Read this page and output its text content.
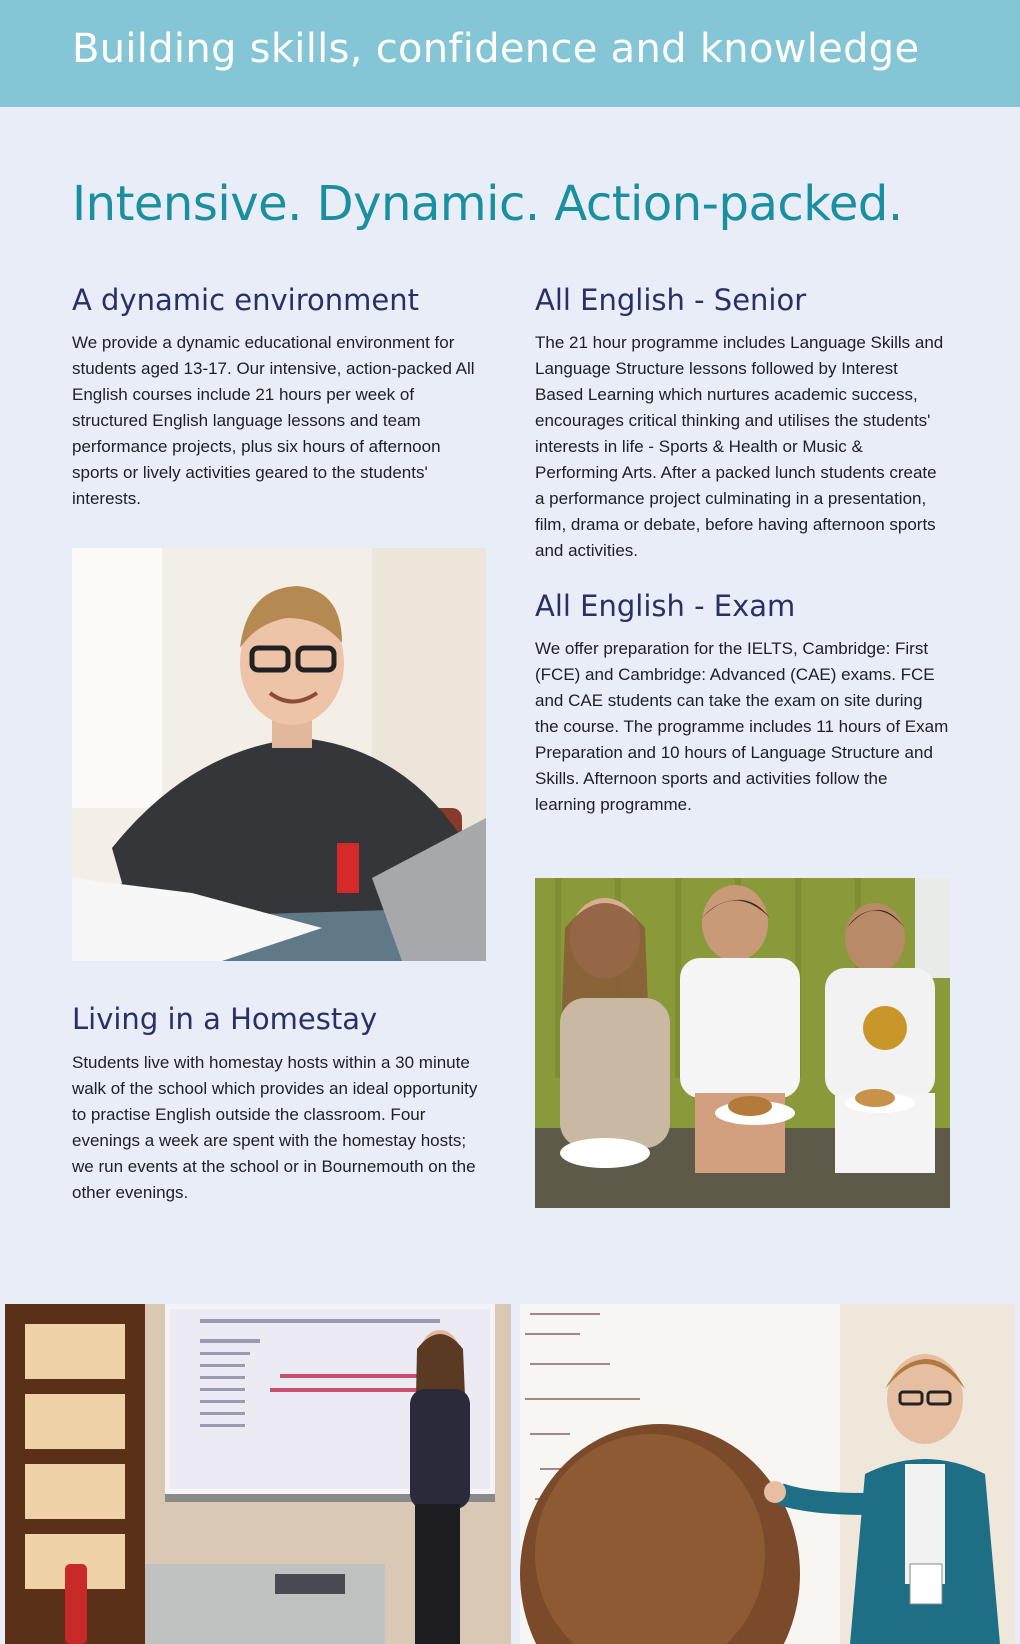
Building skills, confidence and knowledge
Intensive. Dynamic. Action-packed.
A dynamic environment

We provide a dynamic educational environment for students aged 13-17. Our intensive, action-packed All English courses include 21 hours per week of structured English language lessons and team performance projects, plus six hours of afternoon sports or lively activities geared to the students' interests.

Living in a Homestay

Students live with homestay hosts within a 30 minute walk of the school which provides an ideal opportunity to practise English outside the classroom. Four evenings a week are spent with the homestay hosts; we run events at the school or in Bournemouth on the other evenings.

All English - Senior

The 21 hour programme includes Language Skills and Language Structure lessons followed by Interest Based Learning which nurtures academic success, encourages critical thinking and utilises the students' interests in life - Sports & Health or Music & Performing Arts. After a packed lunch students create a performance project culminating in a presentation, film, drama or debate, before having afternoon sports and activities.

All English - Exam

We offer preparation for the IELTS, Cambridge: First (FCE) and Cambridge: Advanced (CAE) exams. FCE and CAE students can take the exam on site during the course. The programme includes 11 hours of Exam Preparation and 10 hours of Language Structure and Skills. Afternoon sports and activities follow the learning programme.
